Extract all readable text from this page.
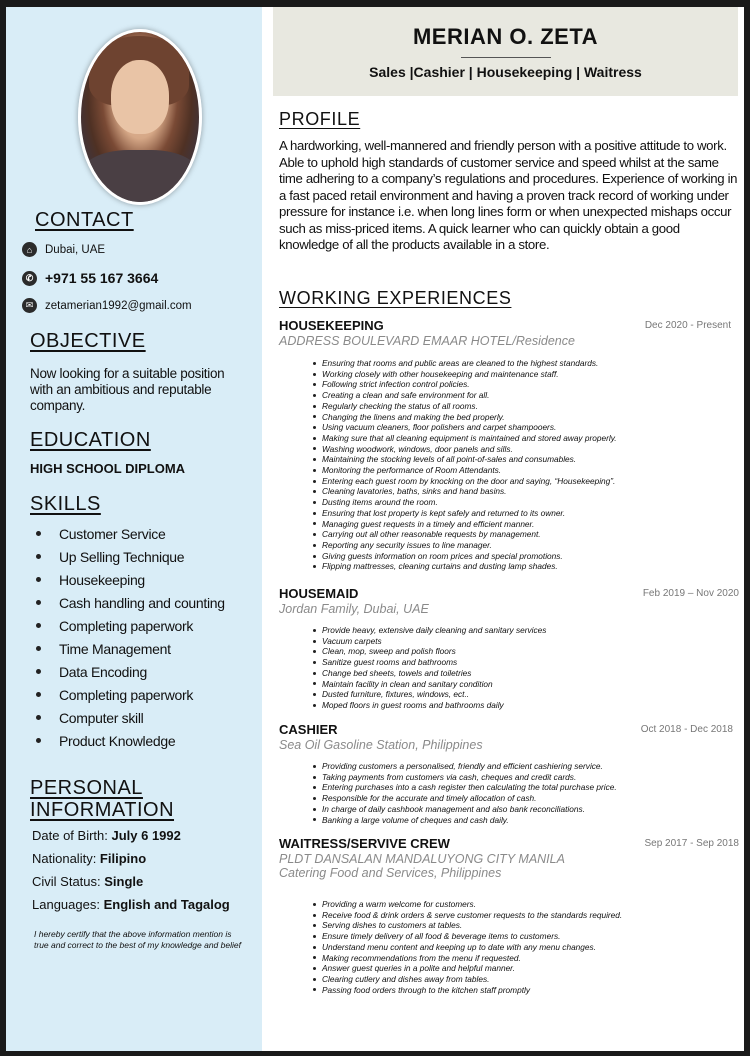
CONTACT
⌂	Dubai, UAE
✆ +971 55 167 3664
✉	zetamerian1992@gmail.com
OBJECTIVE
Now looking for a suitable position with an ambitious and reputable company.
EDUCATION
HIGH SCHOOL DIPLOMA
SKILLS
Customer Service
Up Selling Technique
Housekeeping
Cash handling and counting
Completing paperwork
Time Management
Data Encoding
Completing paperwork
Computer skill
Product Knowledge
PERSONAL
INFORMATION
Date of Birth: July 6 1992
Nationality: Filipino
Civil Status: Single
Languages: English and Tagalog
I hereby certify that the above information mention is true and correct to the best of my knowledge and belief
MERIAN O. ZETA
Sales |Cashier | Housekeeping | Waitress
PROFILE
A hardworking, well-mannered and friendly person with a positive attitude to work. Able to uphold high standards of customer service and speed whilst at the same time adhering to a company’s regulations and procedures. Experience of working in a fast paced retail environment and having a proven track record of working under pressure for instance i.e. when long lines form or when unexpected mishaps occur such as miss-priced items. A quick learner who can quickly obtain a good knowledge of all the products available in a store.
WORKING EXPERIENCES
HOUSEKEEPING	Dec 2020 - Present
ADDRESS BOULEVARD EMAAR HOTEL/Residence
Ensuring that rooms and public areas are cleaned to the highest standards.
Working closely with other housekeeping and maintenance staff.
Following strict infection control policies.
Creating a clean and safe environment for all.
Regularly checking the status of all rooms.
Changing the linens and making the bed properly.
Using vacuum cleaners, floor polishers and carpet shampooers.
Making sure that all cleaning equipment is maintained and stored away properly.
Washing woodwork, windows, door panels and sills.
Maintaining the stocking levels of all point-of-sales and consumables.
Monitoring the performance of Room Attendants.
Entering each guest room by knocking on the door and saying, “Housekeeping”.
Cleaning lavatories, baths, sinks and hand basins.
Dusting items around the room.
Ensuring that lost property is kept safely and returned to its owner.
Managing guest requests in a timely and efficient manner.
Carrying out all other reasonable requests by management.
Reporting any security issues to line manager.
Giving guests information on room prices and special promotions.
Flipping mattresses, cleaning curtains and dusting lamp shades.
HOUSEMAID	Feb 2019 – Nov 2020
Jordan Family, Dubai, UAE
Provide heavy, extensive daily cleaning and sanitary services
Vacuum carpets
Clean, mop, sweep and polish floors
Sanitize guest rooms and bathrooms
Change bed sheets, towels and toiletries
Maintain facility in clean and sanitary condition
Dusted furniture, fixtures, windows, ect..
Moped floors in guest rooms and bathrooms daily
CASHIER	Oct 2018 - Dec 2018
Sea Oil Gasoline Station, Philippines
Providing customers a personalised, friendly and efficient cashiering service.
Taking payments from customers via cash, cheques and credit cards.
Entering purchases into a cash register then calculating the total purchase price.
Responsible for the accurate and timely allocation of cash.
In charge of daily cashbook management and also bank reconciliations.
Banking a large volume of cheques and cash daily.
WAITRESS/SERVIVE CREW	Sep 2017 - Sep 2018
PLDT DANSALAN MANDALUYONG CITY MANILA
Catering Food and Services, Philippines
Providing a warm welcome for customers.
Receive food & drink orders & serve customer requests to the standards required.
Serving dishes to customers at tables.
Ensure timely delivery of all food & beverage items to customers.
Understand menu content and keeping up to date with any menu changes.
Making recommendations from the menu if requested.
Answer guest queries in a polite and helpful manner.
Clearing cutlery and dishes away from tables.
Passing food orders through to the kitchen staff promptly
